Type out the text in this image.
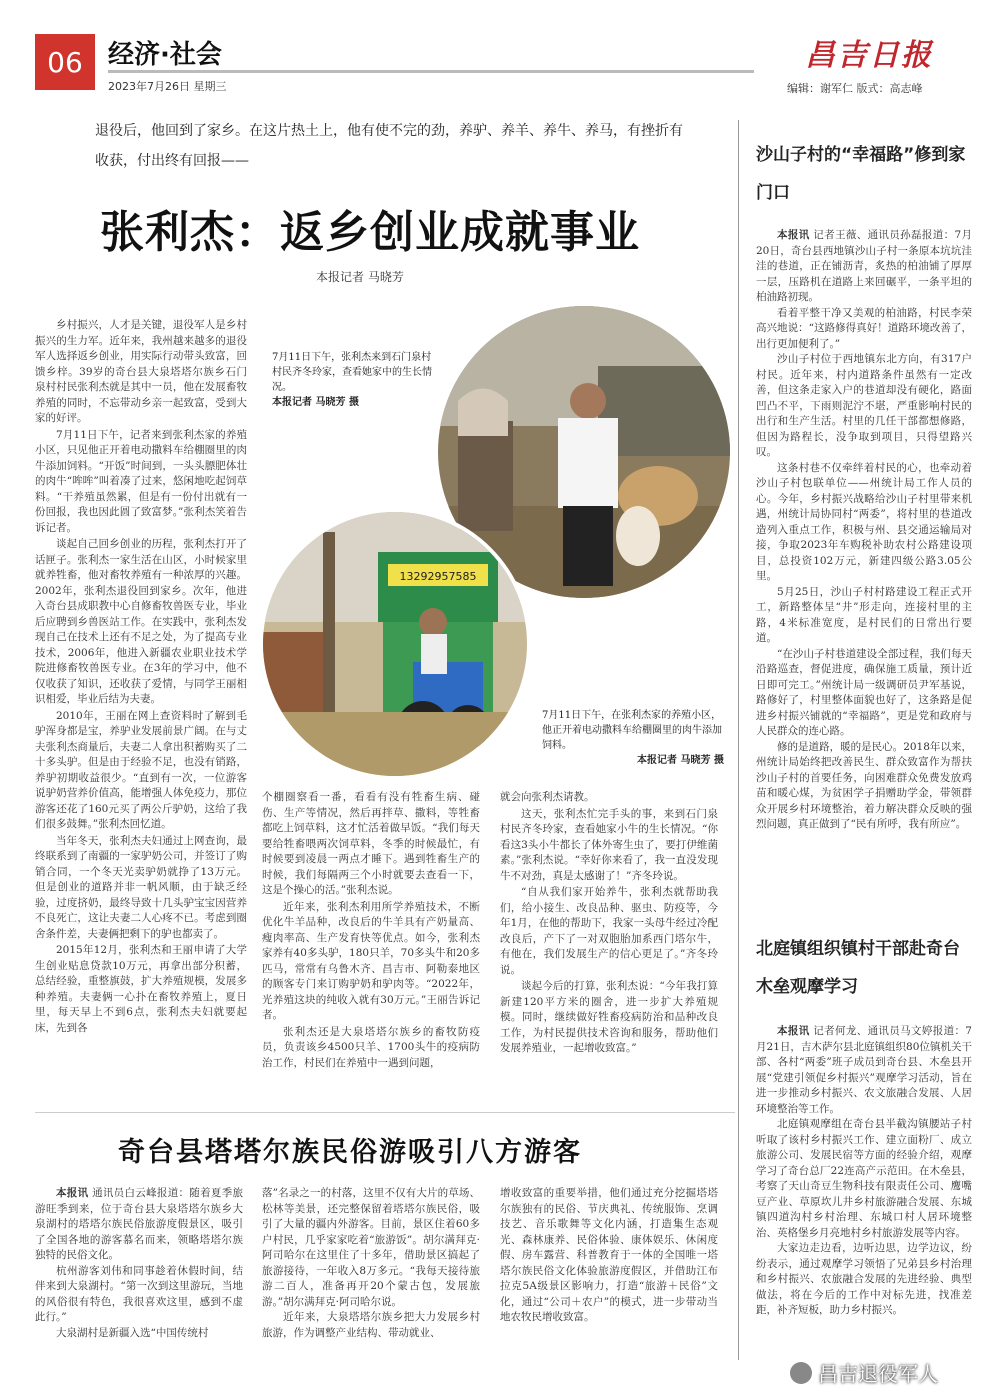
06 经济·社会
2023年7月26日 星期三
昌吉日报
编辑：谢军仁 版式：高志峰
退役后，他回到了家乡。在这片热土上，他有使不完的劲，养驴、养羊、养牛、养马，有挫折有收获，付出终有回报——
张利杰：返乡创业成就事业
本报记者 马晓芳

乡村振兴，人才是关键，退役军人是乡村振兴的生力军。近年来，我州越来越多的退役军人选择返乡创业，用实际行动带头致富，回馈乡梓。39岁的奇台县大泉塔塔尔族乡石门泉村村民张利杰就是其中一员，他在发展畜牧养殖的同时，不忘带动乡亲一起致富，受到大家的好评。

7月11日下午，记者来到张利杰家的养殖小区，只见他正开着电动撒料车给棚圈里的肉牛添加饲料。“开饭”时间到，一头头膘肥体壮的肉牛“哞哞”叫着凑了过来，悠闲地吃起饲草料。“干养殖虽然累，但是有一份付出就有一份回报，我也因此圆了致富梦。”张利杰笑着告诉记者。

谈起自己回乡创业的历程，张利杰打开了话匣子。张利杰一家生活在山区，小时候家里就养牲畜，他对畜牧养殖有一种浓厚的兴趣。2002年，张利杰退役回到家乡。次年，他进入奇台县成职教中心自修畜牧兽医专业，毕业后应聘到乡兽医站工作。在实践中，张利杰发现自己在技术上还有不足之处，为了提高专业技术，2006年，他进入新疆农业职业技术学院进修畜牧兽医专业。在3年的学习中，他不仅收获了知识，还收获了爱情，与同学王丽相识相爱，毕业后结为夫妻。

2010年，王丽在网上查资料时了解到毛驴浑身都是宝，养驴业发展前景广阔。在与丈夫张利杰商量后，夫妻二人拿出积蓄购买了二十多头驴。但是由于经验不足，也没有销路，养驴初期收益很少。“直到有一次，一位游客说驴奶营养价值高，能增强人体免疫力，那位游客还花了160元买了两公斤驴奶，这给了我们很多鼓舞。”张利杰回忆道。

当年冬天，张利杰夫妇通过上网查询，最终联系到了南疆的一家驴奶公司，并签订了购销合同，一个冬天光卖驴奶就挣了13万元。但是创业的道路并非一帆风顺，由于缺乏经验，过度挤奶，最终导致十几头驴宝宝因营养不良死亡，这让夫妻二人心疼不已。考虑到圈舍条件差，夫妻俩把剩下的驴也都卖了。

2015年12月，张利杰和王丽申请了大学生创业贴息贷款10万元，再拿出部分积蓄，总结经验，重整旗鼓，扩大养殖规模，发展多种养殖。夫妻俩一心扑在畜牧养殖上，夏日里，每天早上不到6点，张利杰夫妇就要起床，先到各

13292957585
7月11日下午，张利杰来到石门泉村村民齐冬玲家，查看她家中的生长情况。
本报记者 马晓芳 摄
7月11日下午，在张利杰家的养殖小区，他正开着电动撒料车给棚圈里的肉牛添加饲料。
本报记者 马晓芳 摄

个棚圈察看一番，看看有没有牲畜生病、碰伤、生产等情况，然后再拌草、撒料，等牲畜都吃上饲草料，这才忙活着做早饭。“我们每天要给牲畜喂两次饲草料，冬季的时候最忙，有时候要到凌晨一两点才睡下。遇到牲畜生产的时候，我们每隔两三个小时就要去查看一下，这是个操心的活。”张利杰说。

近年来，张利杰利用所学养殖技术，不断优化牛羊品种，改良后的牛羊具有产奶量高、瘦肉率高、生产发育快等优点。如今，张利杰家养有40多头驴，180只羊，70多头牛和20多匹马，常常有乌鲁木齐、昌吉市、阿勒泰地区的顾客专门来订购驴奶和驴肉等。“2022年，光养殖这块的纯收入就有30万元。”王丽告诉记者。

张利杰还是大泉塔塔尔族乡的畜牧防疫员，负责该乡4500只羊、1700头牛的疫病防治工作，村民们在养殖中一遇到问题，

就会向张利杰请教。

这天，张利杰忙完手头的事，来到石门泉村民齐冬玲家，查看她家小牛的生长情况。“你看这3头小牛都长了体外寄生虫了，要打伊维菌素。”张利杰说。“幸好你来看了，我一直没发现牛不对劲，真是太感谢了！”齐冬玲说。

“自从我们家开始养牛，张利杰就帮助我们，给小接生、改良品种、驱虫、防疫等，今年1月，在他的帮助下，我家一头母牛经过冷配改良后，产下了一对双胞胎加系西门塔尔牛，有他在，我们发展生产的信心更足了。”齐冬玲说。

谈起今后的打算，张利杰说：“今年我打算新建120平方米的圈舍，进一步扩大养殖规模。同时，继续做好牲畜疫病防治和品种改良工作，为村民提供技术咨询和服务，帮助他们发展养殖业，一起增收致富。”

沙山子村的“幸福路”修到家门口

本报讯 记者王薇、通讯员孙磊报道：7月20日，奇台县西地镇沙山子村一条原本坑坑洼洼的巷道，正在铺沥青，炙热的柏油铺了厚厚一层，压路机在道路上来回碾平，一条平坦的柏油路初现。

看着平整干净又美观的柏油路，村民李荣高兴地说：“这路修得真好！道路环境改善了，出行更加便利了。”

沙山子村位于西地镇东北方向，有317户村民。近年来，村内道路条件虽然有一定改善，但这条走家入户的巷道却没有硬化，路面凹凸不平，下雨则泥泞不堪，严重影响村民的出行和生产生活。村里的几任干部都想修路，但因为路程长，没争取到项目，只得望路兴叹。

这条村巷不仅牵绊着村民的心，也牵动着沙山子村包联单位——州统计局工作人员的心。今年，乡村振兴战略给沙山子村里带来机遇，州统计局协同村“两委”，将村里的巷道改造列入重点工作，积极与州、县交通运输局对接，争取2023年车购税补助农村公路建设项目，总投资102万元，新建四级公路3.05公里。

5月25日，沙山子村村路建设工程正式开工，新路整体呈“井”形走向，连接村里的主路，4米标准宽度，是村民们的日常出行要道。

“在沙山子村巷道建设全部过程，我们每天沿路巡查，督促进度，确保施工质量，预计近日即可完工。”州统计局一级调研员尹军基说，路修好了，村里整体面貌也好了，这条路是促进乡村振兴铺就的“幸福路”，更是党和政府与人民群众的连心路。

修的是道路，暖的是民心。2018年以来，州统计局始终把改善民生、群众致富作为帮扶沙山子村的首要任务，向困难群众免费发放鸡苗和暖心煤，为贫困学子捐赠助学金，带领群众开展乡村环境整治，着力解决群众反映的强烈问题，真正做到了“民有所呼，我有所应”。

北庭镇组织镇村干部赴奇台木垒观摩学习

本报讯 记者何龙、通讯员马文婷报道：7月21日，吉木萨尔县北庭镇组织80位镇机关干部、各村“两委”班子成员到奇台县、木垒县开展“党建引领促乡村振兴”观摩学习活动，旨在进一步推动乡村振兴、农文旅融合发展、人居环境整治等工作。

北庭镇观摩组在奇台县半截沟镇腰站子村听取了该村乡村振兴工作、建立面粉厂、成立旅游公司、发展民宿等方面的经验介绍，观摩学习了奇台总厂22连高产示范田。在木垒县，考察了天山奇豆生物科技有限责任公司、鹰嘴豆产业、草原坎儿井乡村旅游融合发展、东城镇四道沟村乡村治理、东城口村人居环境整治、英格堡乡月亮地村乡村旅游发展等内容。

大家边走边看，边听边思，边学边议，纷纷表示，通过观摩学习领悟了兄弟县乡村治理和乡村振兴、农旅融合发展的先进经验、典型做法，将在今后的工作中对标先进，找准差距，补齐短板，助力乡村振兴。

奇台县塔塔尔族民俗游吸引八方游客

本报讯 通讯员白云峰报道：随着夏季旅游旺季到来，位于奇台县大泉塔塔尔族乡大泉湖村的塔塔尔族民俗旅游度假景区，吸引了全国各地的游客慕名而来，领略塔塔尔族独特的民俗文化。

杭州游客刘伟和同事趁着休假时间，结伴来到大泉湖村。“第一次到这里游玩，当地的风俗很有特色，我很喜欢这里，感到不虚此行。”

大泉湖村是新疆入选“中国传统村

落”名录之一的村落，这里不仅有大片的草场、松林等美景，还完整保留着塔塔尔族民俗，吸引了大量的疆内外游客。目前，景区住着60多户村民，几乎家家吃着“旅游饭”。胡尔满拜克·阿司哈尔在这里住了十多年，借助景区搞起了旅游接待，一年收入8万多元。“我每天接待旅游二百人，准备再开20个蒙古包，发展旅游。”胡尔满拜克·阿司哈尔说。

近年来，大泉塔塔尔族乡把大力发展乡村旅游，作为调整产业结构、带动就业、

增收致富的重要举措，他们通过充分挖掘塔塔尔族独有的民俗、节庆典礼、传统服饰、烹调技艺、音乐歌舞等文化内涵，打造集生态观光、森林康养、民俗体验、康体娱乐、休闲度假、房车露营、科普教育于一体的全国唯一塔塔尔族民俗文化体验旅游度假区，并借助江布拉克5A级景区影响力，打造“旅游＋民俗”文化，通过“公司＋农户”的模式，进一步带动当地农牧民增收致富。

昌吉退役军人
